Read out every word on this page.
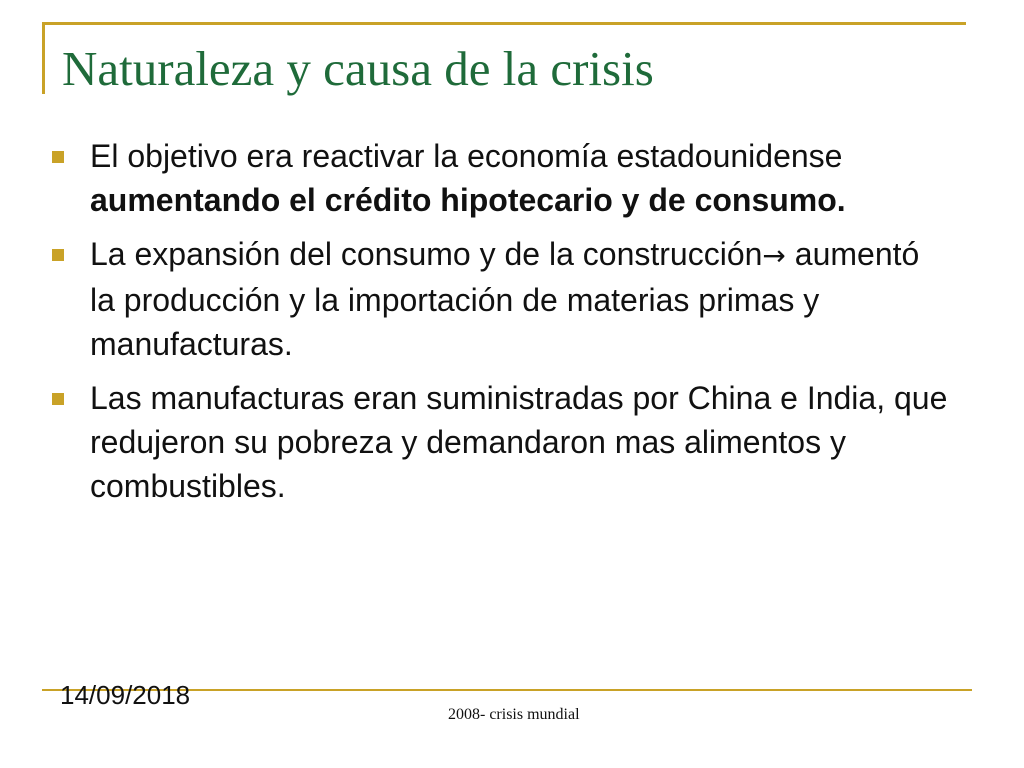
Naturaleza y causa de la crisis
El objetivo era reactivar la economía estadounidense aumentando el crédito hipotecario y de consumo.
La expansión del consumo y de la construcción→ aumentó la producción y la importación de materias primas y manufacturas.
Las manufacturas eran suministradas por China e India, que redujeron su pobreza y demandaron mas alimentos y combustibles.
14/09/2018
2008- crisis mundial
